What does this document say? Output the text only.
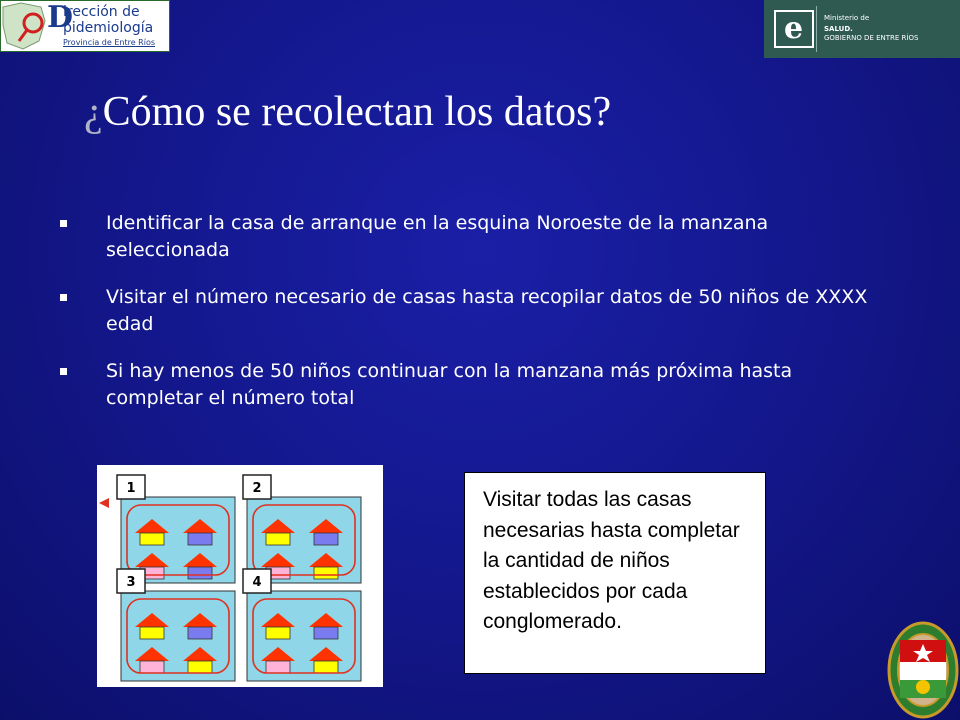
D
irección de
pidemiología
Provincia de Entre Ríos	e	Ministerio de
SALUD.
GOBIERNO DE ENTRE RÍOS
¿Cómo se recolectan los datos?
Identificar la casa de arranque en la esquina Noroeste de la manzana seleccionada
Visitar el número necesario de casas hasta recopilar datos de 50 niños de XXXX edad
Si hay menos de 50 niños continuar con la manzana más próxima hasta completar el número total
1	2
3	4

Visitar todas las casas necesarias hasta completar la cantidad de niños establecidos por cada conglomerado.
